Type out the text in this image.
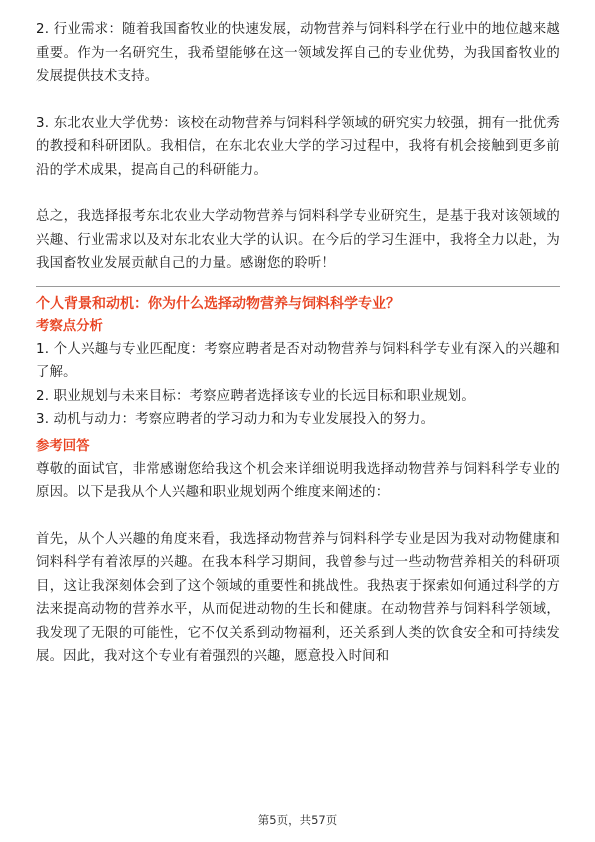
2. 行业需求：随着我国畜牧业的快速发展，动物营养与饲料科学在行业中的地位越来越重要。作为一名研究生，我希望能够在这一领域发挥自己的专业优势，为我国畜牧业的发展提供技术支持。

3. 东北农业大学优势：该校在动物营养与饲料科学领域的研究实力较强，拥有一批优秀的教授和科研团队。我相信，在东北农业大学的学习过程中，我将有机会接触到更多前沿的学术成果，提高自己的科研能力。

总之，我选择报考东北农业大学动物营养与饲料科学专业研究生，是基于我对该领域的兴趣、行业需求以及对东北农业大学的认识。在今后的学习生涯中，我将全力以赴，为我国畜牧业发展贡献自己的力量。感谢您的聆听！

个人背景和动机：你为什么选择动物营养与饲料科学专业？
考察点分析

1. 个人兴趣与专业匹配度：考察应聘者是否对动物营养与饲料科学专业有深入的兴趣和了解。

2. 职业规划与未来目标：考察应聘者选择该专业的长远目标和职业规划。

3. 动机与动力：考察应聘者的学习动力和为专业发展投入的努力。

参考回答

尊敬的面试官，非常感谢您给我这个机会来详细说明我选择动物营养与饲料科学专业的原因。以下是我从个人兴趣和职业规划两个维度来阐述的：

首先，从个人兴趣的角度来看，我选择动物营养与饲料科学专业是因为我对动物健康和饲料科学有着浓厚的兴趣。在我本科学习期间，我曾参与过一些动物营养相关的科研项目，这让我深刻体会到了这个领域的重要性和挑战性。我热衷于探索如何通过科学的方法来提高动物的营养水平，从而促进动物的生长和健康。在动物营养与饲料科学领域，我发现了无限的可能性，它不仅关系到动物福利，还关系到人类的饮食安全和可持续发展。因此，我对这个专业有着强烈的兴趣，愿意投入时间和

第5页，共57页
